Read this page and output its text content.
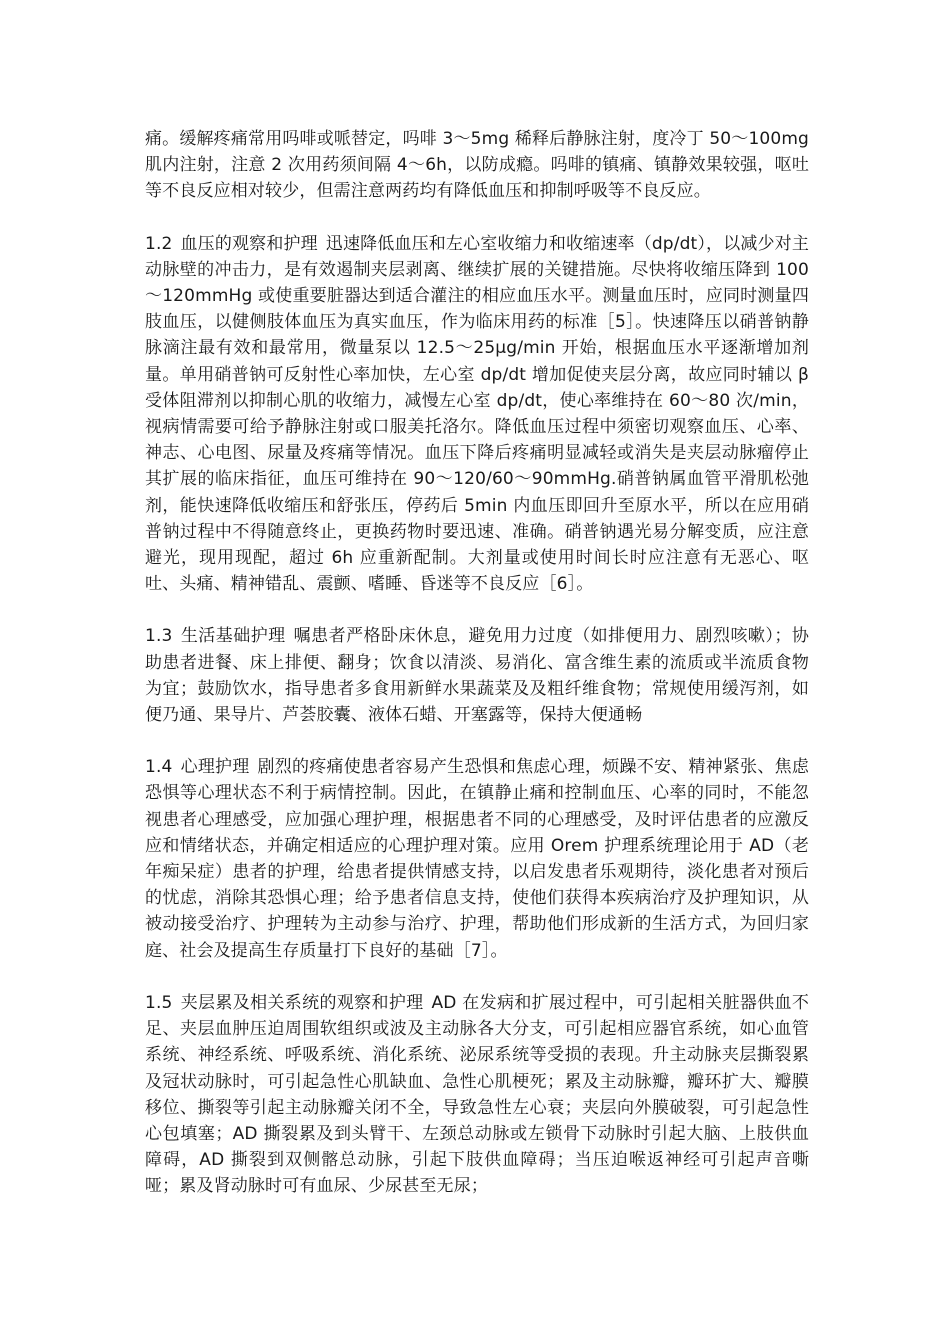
痛。缓解疼痛常用吗啡或哌替定，吗啡 3～5mg 稀释后静脉注射，度冷丁 50～100mg 肌内注射，注意 2 次用药须间隔 4～6h，以防成瘾。吗啡的镇痛、镇静效果较强，呕吐等不良反应相对较少，但需注意两药均有降低血压和抑制呼吸等不良反应。

1.2 血压的观察和护理 迅速降低血压和左心室收缩力和收缩速率（dp/dt），以减少对主动脉壁的冲击力，是有效遏制夹层剥离、继续扩展的关键措施。尽快将收缩压降到 100～120mmHg 或使重要脏器达到适合灌注的相应血压水平。测量血压时，应同时测量四肢血压，以健侧肢体血压为真实血压，作为临床用药的标准［5］。快速降压以硝普钠静脉滴注最有效和最常用，微量泵以 12.5～25μg/min 开始，根据血压水平逐渐增加剂量。单用硝普钠可反射性心率加快，左心室 dp/dt 增加促使夹层分离，故应同时辅以 β 受体阻滞剂以抑制心肌的收缩力，减慢左心室 dp/dt，使心率维持在 60～80 次/min，视病情需要可给予静脉注射或口服美托洛尔。降低血压过程中须密切观察血压、心率、神志、心电图、尿量及疼痛等情况。血压下降后疼痛明显减轻或消失是夹层动脉瘤停止其扩展的临床指征，血压可维持在 90～120/60～90mmHg.硝普钠属血管平滑肌松弛剂，能快速降低收缩压和舒张压，停药后 5min 内血压即回升至原水平，所以在应用硝普钠过程中不得随意终止，更换药物时要迅速、准确。硝普钠遇光易分解变质，应注意避光，现用现配，超过 6h 应重新配制。大剂量或使用时间长时应注意有无恶心、呕吐、头痛、精神错乱、震颤、嗜睡、昏迷等不良反应［6］。

1.3 生活基础护理 嘱患者严格卧床休息，避免用力过度（如排便用力、剧烈咳嗽）；协助患者进餐、床上排便、翻身；饮食以清淡、易消化、富含维生素的流质或半流质食物为宜；鼓励饮水，指导患者多食用新鲜水果蔬菜及及粗纤维食物；常规使用缓泻剂，如便乃通、果导片、芦荟胶囊、液体石蜡、开塞露等，保持大便通畅

1.4 心理护理 剧烈的疼痛使患者容易产生恐惧和焦虑心理，烦躁不安、精神紧张、焦虑恐惧等心理状态不利于病情控制。因此，在镇静止痛和控制血压、心率的同时，不能忽视患者心理感受，应加强心理护理，根据患者不同的心理感受，及时评估患者的应激反应和情绪状态，并确定相适应的心理护理对策。应用 Orem 护理系统理论用于 AD（老年痴呆症）患者的护理，给患者提供情感支持，以启发患者乐观期待，淡化患者对预后的忧虑，消除其恐惧心理；给予患者信息支持，使他们获得本疾病治疗及护理知识，从被动接受治疗、护理转为主动参与治疗、护理，帮助他们形成新的生活方式，为回归家庭、社会及提高生存质量打下良好的基础［7］。

1.5 夹层累及相关系统的观察和护理 AD 在发病和扩展过程中，可引起相关脏器供血不足、夹层血肿压迫周围软组织或波及主动脉各大分支，可引起相应器官系统，如心血管系统、神经系统、呼吸系统、消化系统、泌尿系统等受损的表现。升主动脉夹层撕裂累及冠状动脉时，可引起急性心肌缺血、急性心肌梗死；累及主动脉瓣，瓣环扩大、瓣膜移位、撕裂等引起主动脉瓣关闭不全，导致急性左心衰；夹层向外膜破裂，可引起急性心包填塞；AD 撕裂累及到头臂干、左颈总动脉或左锁骨下动脉时引起大脑、上肢供血障碍，AD 撕裂到双侧髂总动脉，引起下肢供血障碍；当压迫喉返神经可引起声音嘶哑；累及肾动脉时可有血尿、少尿甚至无尿；
